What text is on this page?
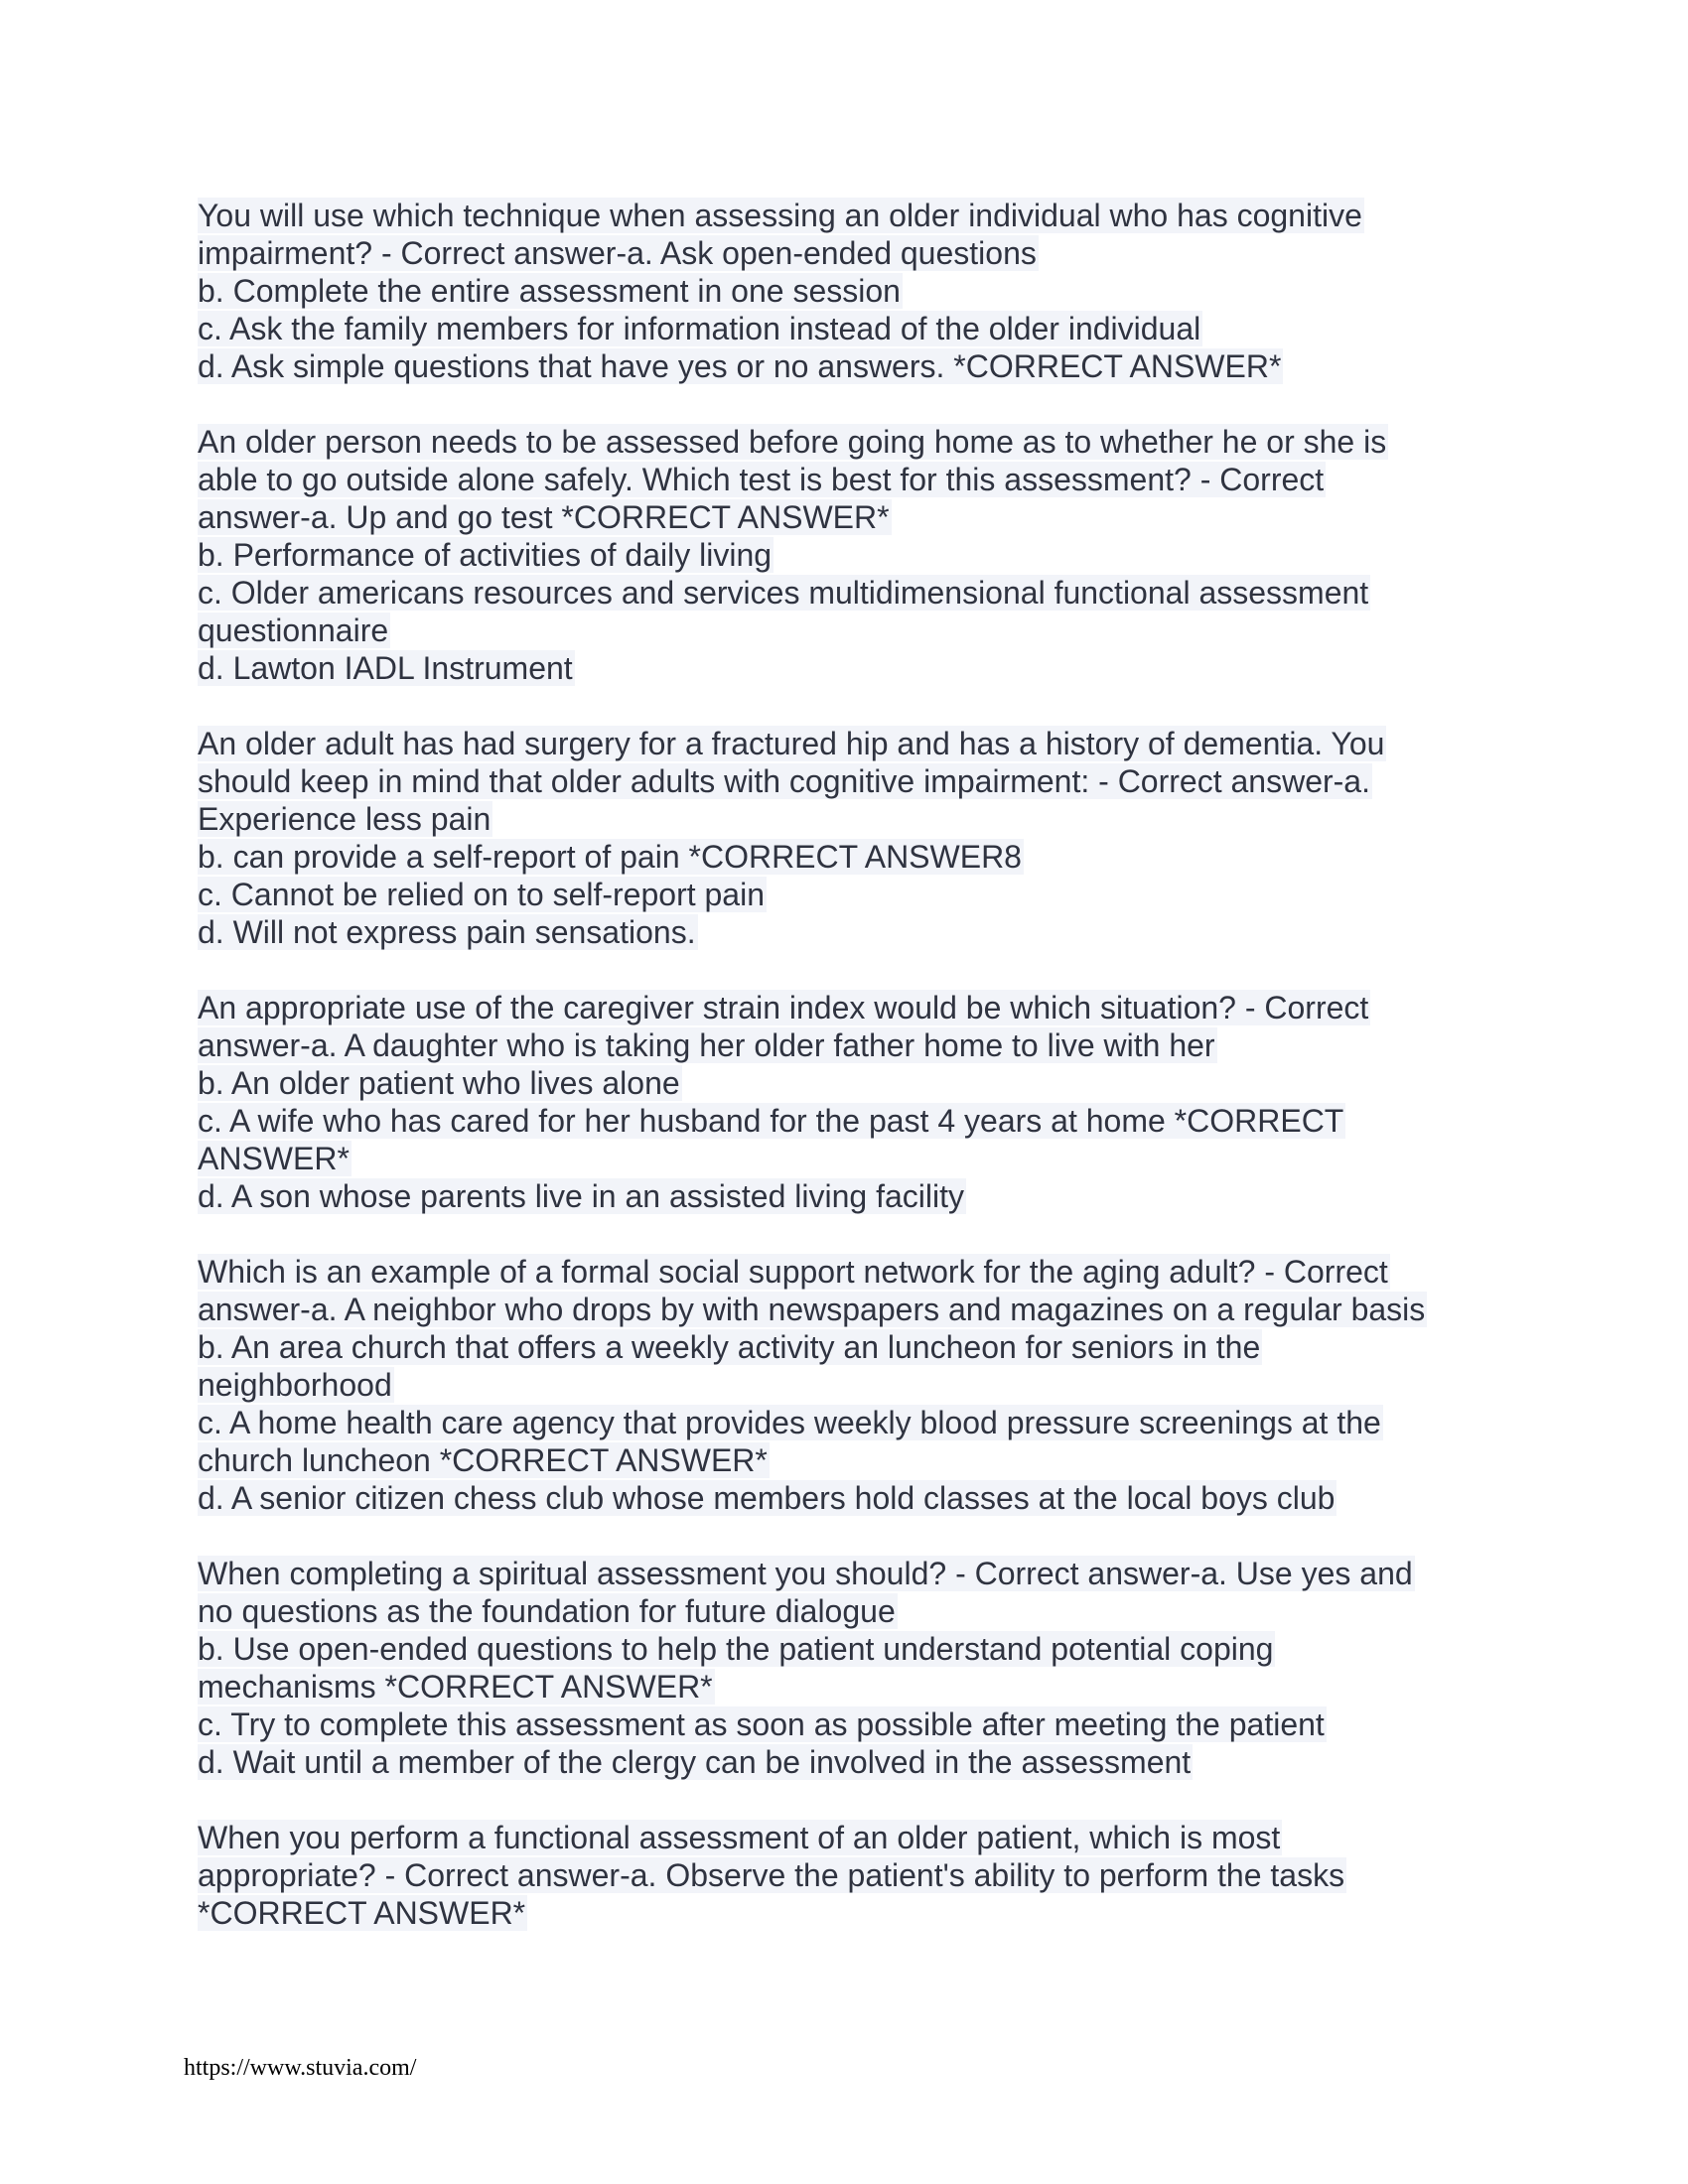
You will use which technique when assessing an older individual who has cognitive
impairment? - Correct answer-a. Ask open-ended questions
b. Complete the entire assessment in one session
c. Ask the family members for information instead of the older individual
d. Ask simple questions that have yes or no answers. *CORRECT ANSWER*
An older person needs to be assessed before going home as to whether he or she is
able to go outside alone safely. Which test is best for this assessment? - Correct
answer-a. Up and go test *CORRECT ANSWER*
b. Performance of activities of daily living
c. Older americans resources and services multidimensional functional assessment
questionnaire
d. Lawton IADL Instrument
An older adult has had surgery for a fractured hip and has a history of dementia. You
should keep in mind that older adults with cognitive impairment: - Correct answer-a.
Experience less pain
b. can provide a self-report of pain *CORRECT ANSWER8
c. Cannot be relied on to self-report pain
d. Will not express pain sensations.
An appropriate use of the caregiver strain index would be which situation? - Correct
answer-a. A daughter who is taking her older father home to live with her
b. An older patient who lives alone
c. A wife who has cared for her husband for the past 4 years at home *CORRECT
ANSWER*
d. A son whose parents live in an assisted living facility
Which is an example of a formal social support network for the aging adult? - Correct
answer-a. A neighbor who drops by with newspapers and magazines on a regular basis
b. An area church that offers a weekly activity an luncheon for seniors in the
neighborhood
c. A home health care agency that provides weekly blood pressure screenings at the
church luncheon *CORRECT ANSWER*
d. A senior citizen chess club whose members hold classes at the local boys club
When completing a spiritual assessment you should? - Correct answer-a. Use yes and
no questions as the foundation for future dialogue
b. Use open-ended questions to help the patient understand potential coping
mechanisms *CORRECT ANSWER*
c. Try to complete this assessment as soon as possible after meeting the patient
d. Wait until a member of the clergy can be involved in the assessment
When you perform a functional assessment of an older patient, which is most
appropriate? - Correct answer-a. Observe the patient's ability to perform the tasks
*CORRECT ANSWER*
https://www.stuvia.com/
